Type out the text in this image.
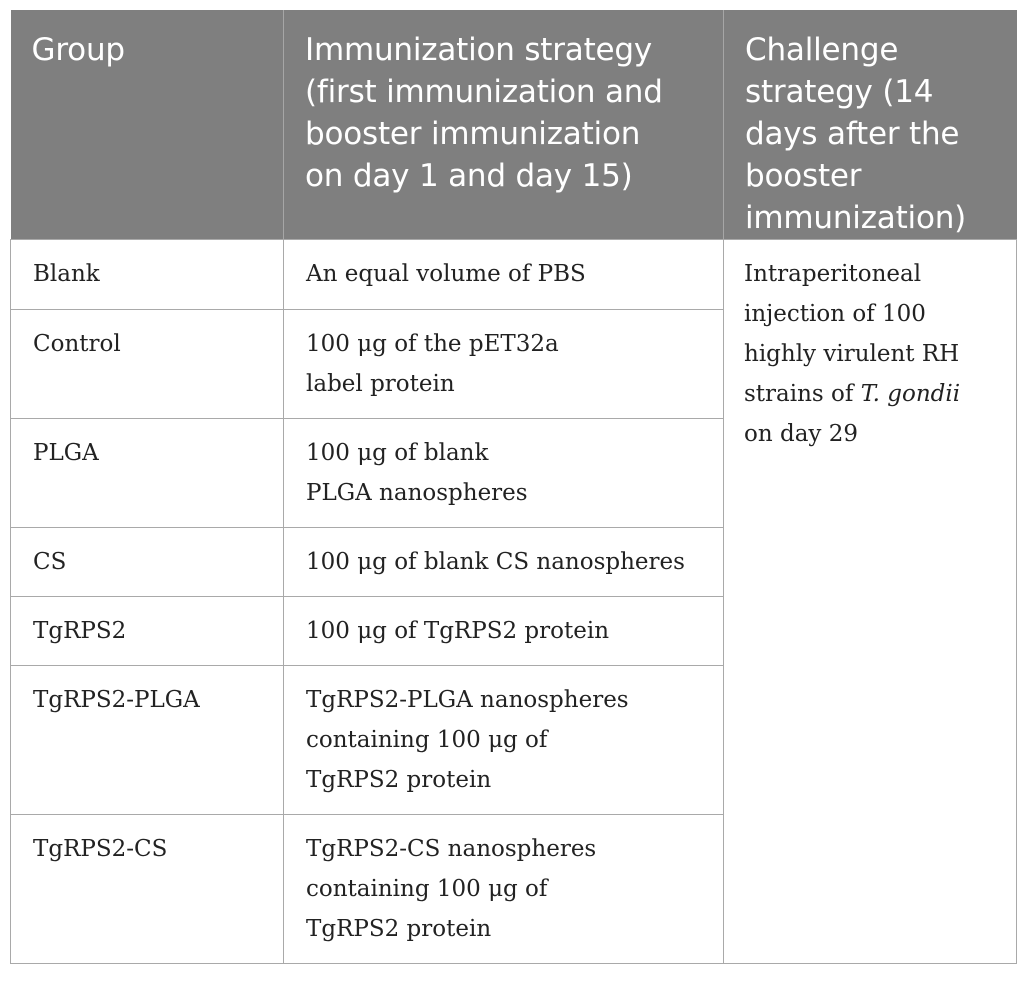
Group	Immunization strategy
(first immunization and
booster immunization
on day 1 and day 15)	Challenge
strategy (14
days after the
booster
immunization)

Blank	An equal volume of PBS	Intraperitoneal
injection of 100
highly virulent RH
strains of T. gondii
on day 29

Control	100 μg of the pET32a
label protein	

PLGA	100 μg of blank
PLGA nanospheres	

CS	100 μg of blank CS nanospheres	

TgRPS2	100 μg of TgRPS2 protein	

TgRPS2-PLGA	TgRPS2-PLGA nanospheres
containing 100 μg of
TgRPS2 protein	

TgRPS2-CS	TgRPS2-CS nanospheres
containing 100 μg of
TgRPS2 protein	
